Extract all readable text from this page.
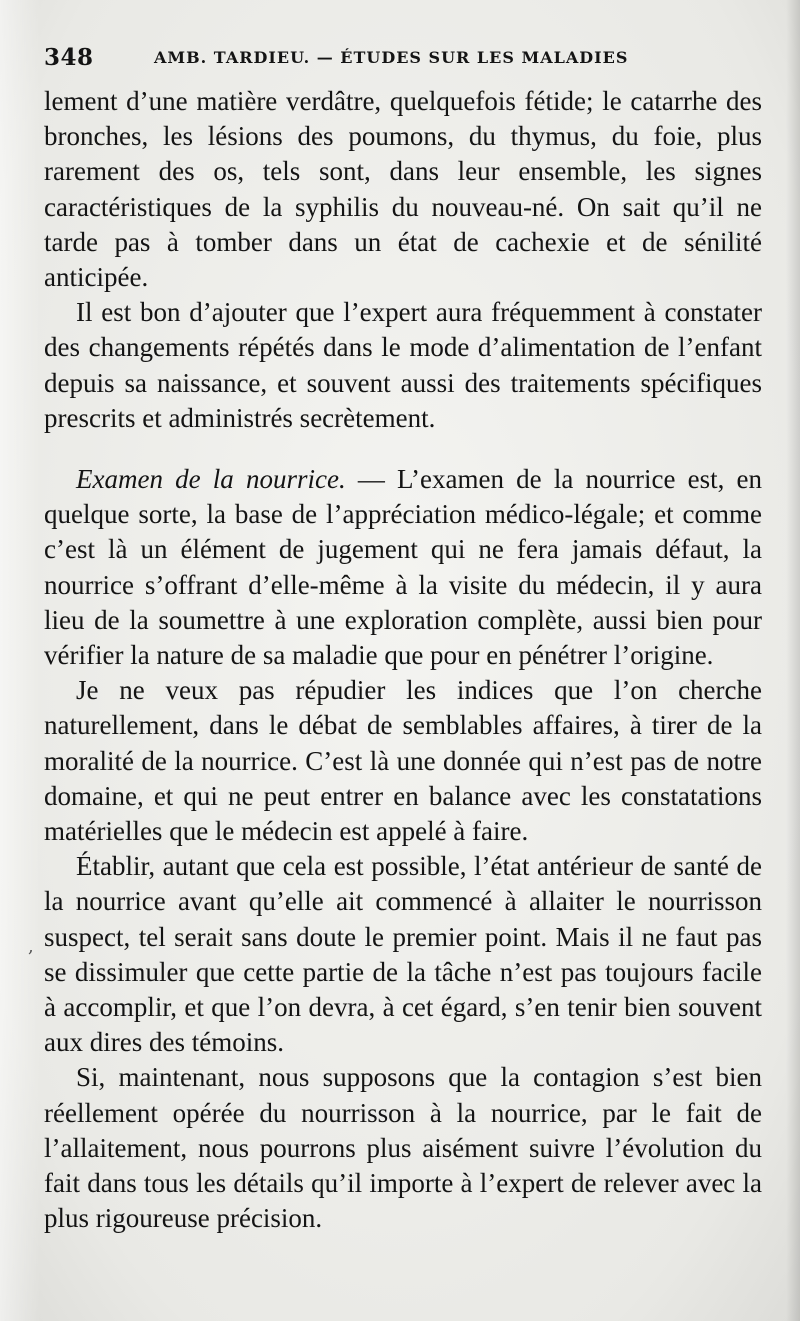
348	AMB. TARDIEU. — ÉTUDES SUR LES MALADIES

lement d’une matière verdâtre, quelquefois fétide; le catarrhe des bronches, les lésions des poumons, du thymus, du foie, plus rarement des os, tels sont, dans leur ensemble, les signes caractéristiques de la syphilis du nouveau-né. On sait qu’il ne tarde pas à tomber dans un état de cachexie et de sénilité anticipée.

Il est bon d’ajouter que l’expert aura fréquemment à constater des changements répétés dans le mode d’alimentation de l’enfant depuis sa naissance, et souvent aussi des traitements spécifiques prescrits et administrés secrètement.

Examen de la nourrice. — L’examen de la nourrice est, en quelque sorte, la base de l’appréciation médico-légale; et comme c’est là un élément de jugement qui ne fera jamais défaut, la nourrice s’offrant d’elle-même à la visite du médecin, il y aura lieu de la soumettre à une exploration complète, aussi bien pour vérifier la nature de sa maladie que pour en pénétrer l’origine.

Je ne veux pas répudier les indices que l’on cherche naturellement, dans le débat de semblables affaires, à tirer de la moralité de la nourrice. C’est là une donnée qui n’est pas de notre domaine, et qui ne peut entrer en balance avec les constatations matérielles que le médecin est appelé à faire.

Établir, autant que cela est possible, l’état antérieur de santé de la nourrice avant qu’elle ait commencé à allaiter le nourrisson suspect, tel serait sans doute le premier point. Mais il ne faut pas se dissimuler que cette partie de la tâche n’est pas toujours facile à accomplir, et que l’on devra, à cet égard, s’en tenir bien souvent aux dires des témoins.

Si, maintenant, nous supposons que la contagion s’est bien réellement opérée du nourrisson à la nourrice, par le fait de l’allaitement, nous pourrons plus aisément suivre l’évolution du fait dans tous les détails qu’il importe à l’expert de relever avec la plus rigoureuse précision.

,
